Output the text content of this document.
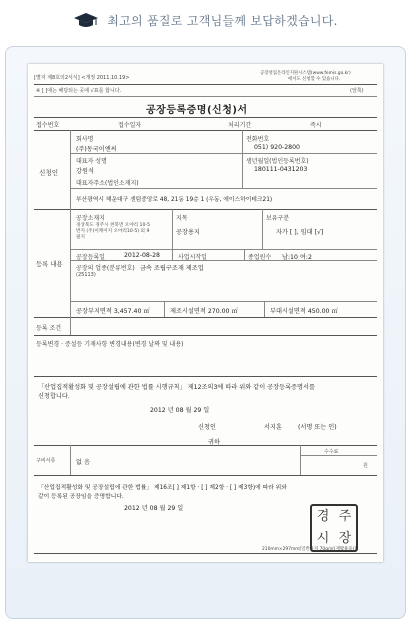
최고의 품질로 고객님들께 보답하겠습니다.
[별지 제8호의2서식] <개정 2011.10.19>
공장설립온라인지원시스템(www.femis.go.kr)
에서도 신청할 수 있습니다.
※ [ ]에는 해당되는 곳에 √표를 합니다.	(앞쪽)
공장등록증명(신청)서
접수번호	접수일자	처리기간	즉시
신청인
회사명
(주)동국이엔씨
전화번호
051) 920-2800
대표자 성명
강원석
생년월일(법인등록번호)
180111-0431203
대표자주소(법인소재지)
부산광역시 해운대구 센텀중앙로 48, 21동 19층 1 (우동, 에이스하이테크21)
등록 내용
공장소재지
경상북도 경주시 천북면 오야리 10-5
번지 (주)이케이지 오야리10-5) 외 9
필지
지목
공장용지
보유구분
자가 [ ], 임대 [√]
공장등록일	2012-08-28	사업시작일	종업원수 남:10 여:2
공장의 업종(분류번호) 금속 조립구조재 제조업
(25113)
공장부지면적 3,457.40 ㎡	제조시설면적 270.00 ㎡	부대시설면적 450.00 ㎡
등록 조건
등록변경 · 증설등 기재사항 변경내용(변경 날짜 및 내용)
「산업집적활성화 및 공장설립에 관한 법률 시행규칙」 제12조의3에 따라 위와 같이 공장등록증명서를
신청합니다.
2012 년 08 월 29 일
신청인	서지훈	(서명 또는 인)
귀하
구비서류	없 음
수수료
원
「산업집적활성화 및 공장설립에 관한 법률」 제16조[ ] 제1항 · [ ] 제2항 · [ ] 제3항)에 따라 위와
같이 등록된 공장임을 증명합니다.
2012 년 08 월 29 일
경 주
시 장
210mm×297mm[일반용지 70g/㎡(재활용품)]
